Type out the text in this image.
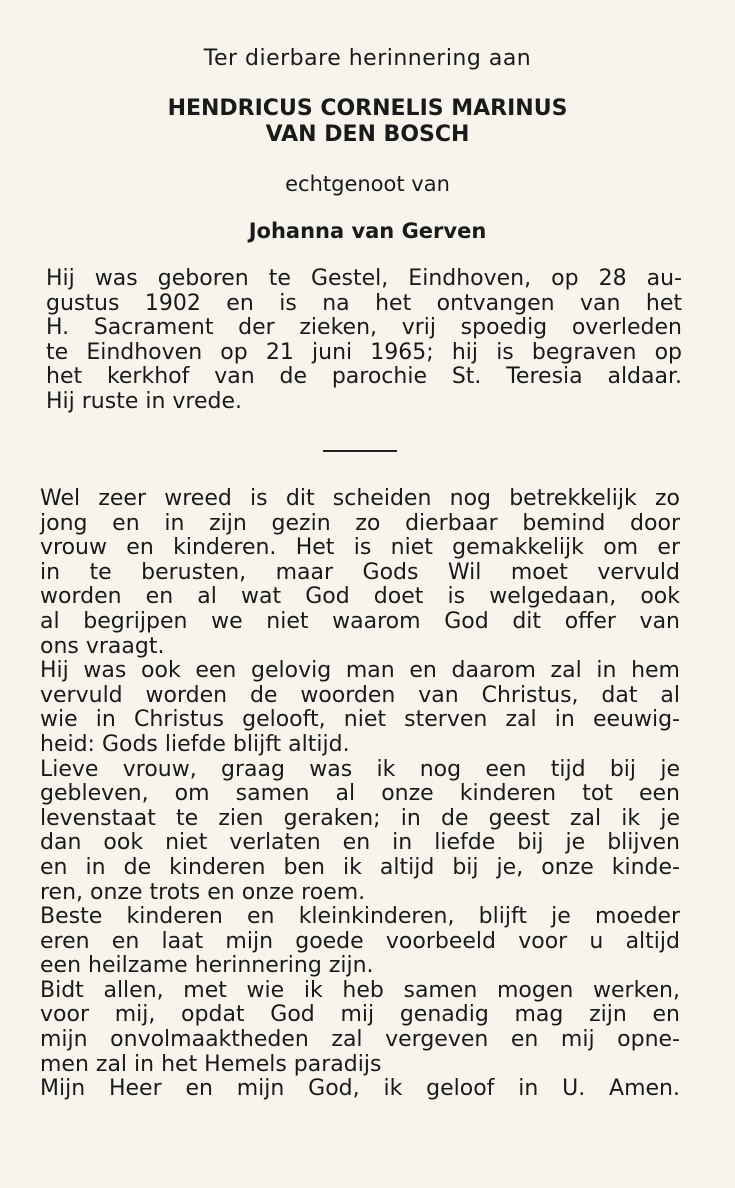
Ter dierbare herinnering aan
HENDRICUS CORNELIS MARINUS
VAN DEN BOSCH
echtgenoot van
Johanna van Gerven
Hij was geboren te Gestel, Eindhoven, op 28 au-
gustus 1902 en is na het ontvangen van het
H. Sacrament der zieken, vrij spoedig overleden
te Eindhoven op 21 juni 1965; hij is begraven op
het kerkhof van de parochie St. Teresia aldaar.
Hij ruste in vrede.
Wel zeer wreed is dit scheiden nog betrekkelijk zo
jong en in zijn gezin zo dierbaar bemind door
vrouw en kinderen. Het is niet gemakkelijk om er
in te berusten, maar Gods Wil moet vervuld
worden en al wat God doet is welgedaan, ook
al begrijpen we niet waarom God dit offer van
ons vraagt.
Hij was ook een gelovig man en daarom zal in hem
vervuld worden de woorden van Christus, dat al
wie in Christus gelooft, niet sterven zal in eeuwig-
heid: Gods liefde blijft altijd.
Lieve vrouw, graag was ik nog een tijd bij je
gebleven, om samen al onze kinderen tot een
levenstaat te zien geraken; in de geest zal ik je
dan ook niet verlaten en in liefde bij je blijven
en in de kinderen ben ik altijd bij je, onze kinde-
ren, onze trots en onze roem.
Beste kinderen en kleinkinderen, blijft je moeder
eren en laat mijn goede voorbeeld voor u altijd
een heilzame herinnering zijn.
Bidt allen, met wie ik heb samen mogen werken,
voor mij, opdat God mij genadig mag zijn en
mijn onvolmaaktheden zal vergeven en mij opne-
men zal in het Hemels paradijs
Mijn Heer en mijn God, ik geloof in U. Amen.
